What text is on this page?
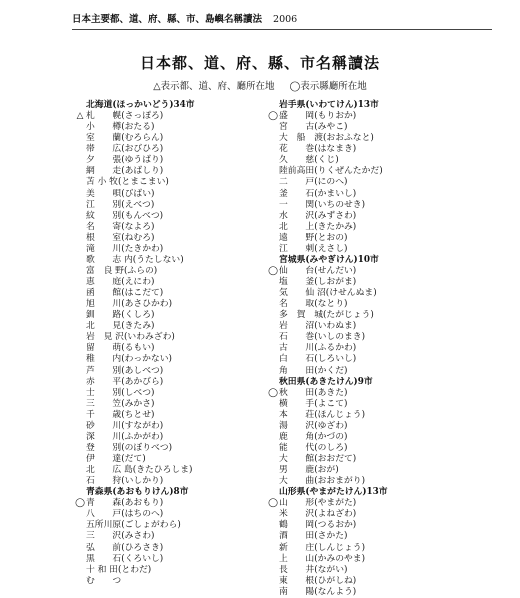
日本主要都、道、府、縣、市、島嶼名稱讀法 2006
日本都、道、府、縣、市名稱讀法
△表示都、道、府、廳所在地 ◯表示縣廳所在地
北海道(ほっかいどう)34市
△ 札　　幌(さっぽろ)
小　　樽(おたる)
室　　蘭(むろらん)
帯　　広(おびひろ)
夕　　張(ゆうばり)
網　　走(あばしり)
苫 小 牧(とまこまい)
美　　唄(びばい)
江　　別(えべつ)
紋　　別(もんべつ)
名　　寄(なよろ)
根　　室(ねむろ)
滝　　川(たきかわ)
歌　　志 内(うたしない)
富　良 野(ふらの)
恵　　庭(えにわ)
函　　館(はこだて)
旭　　川(あさひかわ)
釧　　路(くしろ)
北　　見(きたみ)
岩　見 沢(いわみざわ)
留　　萌(るもい)
稚　　内(わっかない)
芦　　別(あしべつ)
赤　　平(あかびら)
士　　別(しべつ)
三　　笠(みかさ)
千　　歳(ちとせ)
砂　　川(すながわ)
深　　川(ふかがわ)
登　　別(のぼりべつ)
伊　　達(だて)
北　　広 島(きたひろしま)
石　　狩(いしかり)
青森県(あおもりけん)8市
◯ 青　　森(あおもり)
八　　戸(はちのへ)
五所川原(ごしょがわら)
三　　沢(みさわ)
弘　　前(ひろさき)
黒　　石(くろいし)
十 和 田(とわだ)
む　　つ
岩手県(いわてけん)13市
◯ 盛　　岡(もりおか)
宮　　古(みやこ)
大　船　渡(おおふなと)
花　　巻(はなまき)
久　　慈(くじ)
陸前高田(りくぜんたかだ)
二　　戸(にのへ)
釜　　石(かまいし)
一　　関(いちのせき)
水　　沢(みずさわ)
北　　上(きたかみ)
遠　　野(とおの)
江　　刺(えさし)
宮城県(みやぎけん)10市
◯ 仙　　台(せんだい)
塩　　釜(しおがま)
気　　仙 沼(けせんぬま)
名　　取(なとり)
多　賀　城(たがじょう)
岩　　沼(いわぬま)
石　　巻(いしのまき)
古　　川(ふるかわ)
白　　石(しろいし)
角　　田(かくだ)
秋田県(あきたけん)9市
◯ 秋　　田(あきた)
横　　手(よこて)
本　　荘(ほんじょう)
湯　　沢(ゆざわ)
鹿　　角(かづの)
能　　代(のしろ)
大　　館(おおだて)
男　　鹿(おが)
大　　曲(おおまがり)
山形県(やまがたけん)13市
◯ 山　　形(やまがた)
米　　沢(よねざわ)
鶴　　岡(つるおか)
酒　　田(さかた)
新　　庄(しんじょう)
上　　山(かみのやま)
長　　井(ながい)
東　　根(ひがしね)
南　　陽(なんよう)
